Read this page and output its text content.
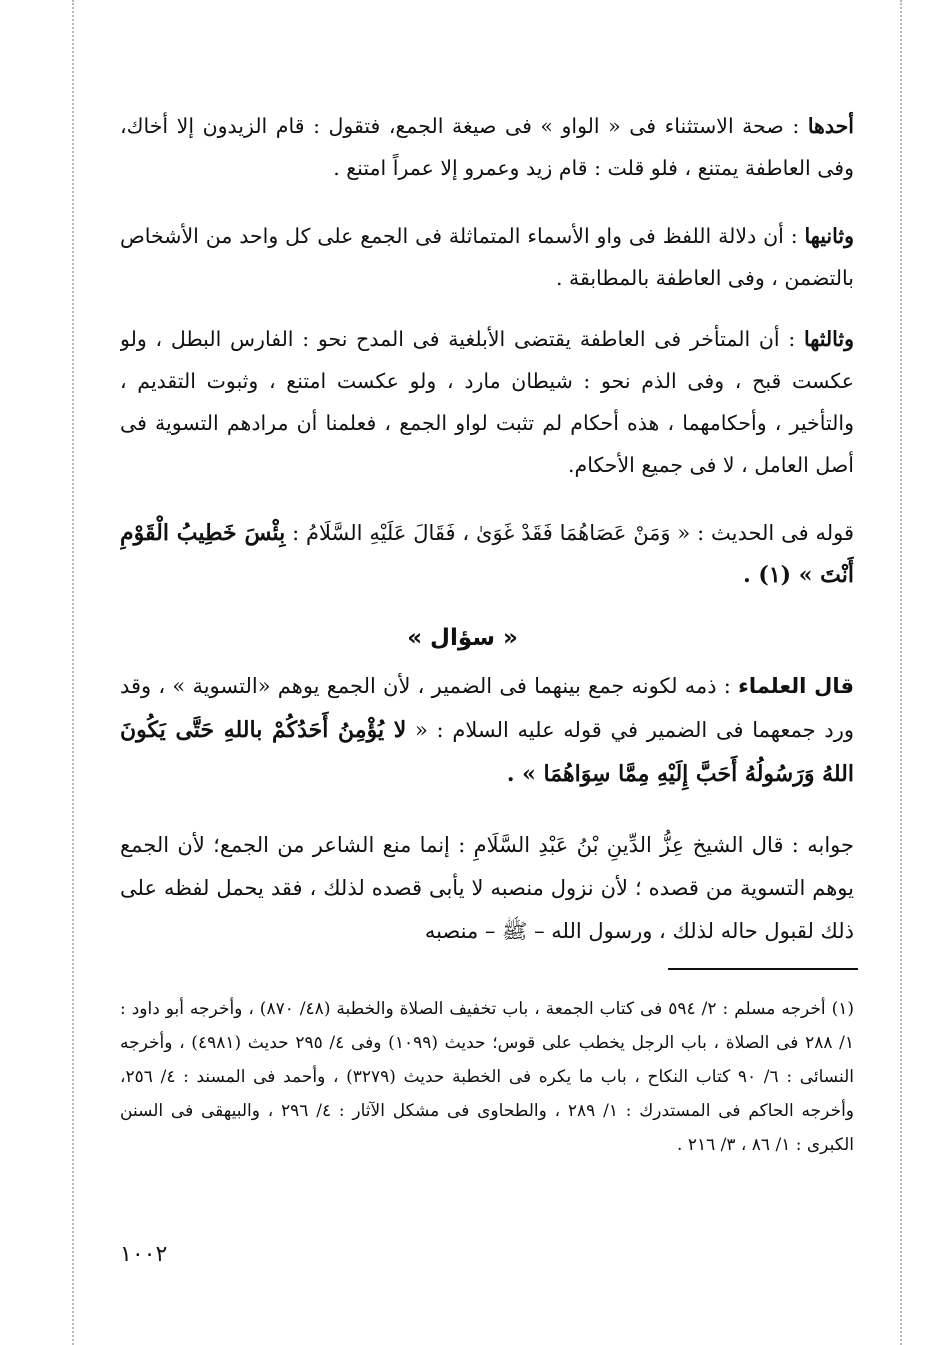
أحدها : صحة الاستثناء فى « الواو » فى صيغة الجمع، فتقول : قام الزيدون إلا أخاك، وفى العاطفة يمتنع ، فلو قلت : قام زيد وعمرو إلا عمراً امتنع .

وثانيها : أن دلالة اللفظ فى واو الأسماء المتماثلة فى الجمع على كل واحد من الأشخاص بالتضمن ، وفى العاطفة بالمطابقة .

وثالثها : أن المتأخر فى العاطفة يقتضى الأبلغية فى المدح نحو : الفارس البطل ، ولو عكست قبح ، وفى الذم نحو : شيطان مارد ، ولو عكست امتنع ، وثبوت التقديم ، والتأخير ، وأحكامهما ، هذه أحكام لم تثبت لواو الجمع ، فعلمنا أن مرادهم التسوية فى أصل العامل ، لا فى جميع الأحكام.

قوله فى الحديث : « وَمَنْ عَصَاهُمَا فَقَدْ غَوَىٰ ، فَقَالَ عَلَيْهِ السَّلَامُ : بِئْسَ خَطِيبُ الْقَوْمِ أَنْتَ » (١) .

« سؤال »

قال العلماء : ذمه لكونه جمع بينهما فى الضمير ، لأن الجمع يوهم «التسوية » ، وقد ورد جمعهما فى الضمير في قوله عليه السلام : « لا يُؤْمِنُ أَحَدُكُمْ باللهِ حَتَّى يَكُونَ اللهُ وَرَسُولُهُ أَحَبَّ إِلَيْهِ مِمَّا سِوَاهُمَا » .

جوابه : قال الشيخ عِزُّ الدِّينِ بْنُ عَبْدِ السَّلَامِ : إنما منع الشاعر من الجمع؛ لأن الجمع يوهم التسوية من قصده ؛ لأن نزول منصبه لا يأبى قصده لذلك ، فقد يحمل لفظه على ذلك لقبول حاله لذلك ، ورسول الله – ﷺ – منصبه

(١) أخرجه مسلم : ٢/ ٥٩٤ فى كتاب الجمعة ، باب تخفيف الصلاة والخطبة (٤٨/ ٨٧٠) ، وأخرجه أبو داود : ١/ ٢٨٨ فى الصلاة ، باب الرجل يخطب على قوس؛ حديث (١٠٩٩) وفى ٤/ ٢٩٥ حديث (٤٩٨١) ، وأخرجه النسائى : ٦/ ٩٠ كتاب النكاح ، باب ما يكره فى الخطبة حديث (٣٢٧٩) ، وأحمد فى المسند : ٤/ ٢٥٦، وأخرجه الحاكم فى المستدرك : ١/ ٢٨٩ ، والطحاوى فى مشكل الآثار : ٤/ ٢٩٦ ، والبيهقى فى السنن الكبرى : ١/ ٨٦ ، ٣/ ٢١٦ .

١٠٠٢
